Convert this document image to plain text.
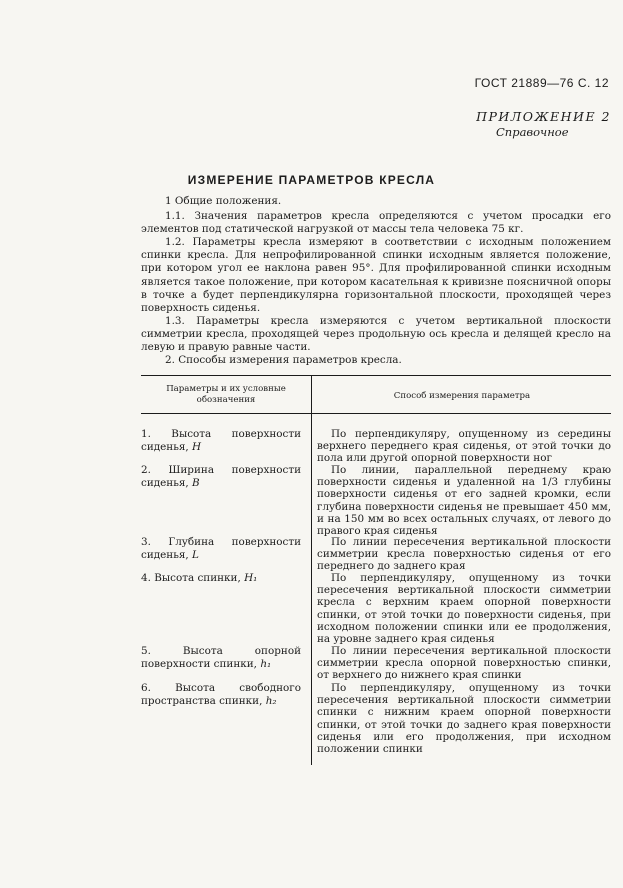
ГОСТ 21889—76 С. 12
ПРИЛОЖЕНИЕ 2
Справочное
ИЗМЕРЕНИЕ ПАРАМЕТРОВ КРЕСЛА

1 Общие положения.

1.1. Значения параметров кресла определяются с учетом просадки его элементов под статической нагрузкой от массы тела человека 75 кг.

1.2. Параметры кресла измеряют в соответствии с исходным положением спинки кресла. Для непрофилированной спинки исходным является положение, при котором угол ее наклона равен 95°. Для профилированной спинки исходным является такое положение, при котором касательная к кривизне поясничной опоры в точке a будет перпендикулярна горизонтальной плоскости, проходящей через поверхность сиденья.

1.3. Параметры кресла измеряются с учетом вертикальной плоскости симметрии кресла, проходящей через продольную ось кресла и делящей кресло на левую и правую равные части.

2. Способы измерения параметров кресла.

Параметры и их условные обозначения	Способ измерения параметра
1. Высота поверхности сиденья, H
По перпендикуляру, опущенному из середины верхнего переднего края сиденья, от этой точки до пола или другой опорной поверхности ног
2. Ширина поверхности сиденья, B
По линии, параллельной переднему краю поверхности сиденья и удаленной на 1/3 глубины поверхности сиденья от его задней кромки, если глубина поверхности сиденья не превышает 450 мм, и на 150 мм во всех остальных случаях, от левого до правого края сиденья
3. Глубина поверхности сиденья, L
По линии пересечения вертикальной плоскости симметрии кресла поверхностью сиденья от его переднего до заднего края
4. Высота спинки, H₁	По перпендикуляру, опущенному из точки пересечения вертикальной плоскости симметрии кресла с верхним краем опорной поверхности спинки, от этой точки до поверхности сиденья, при исходном положении спинки или ее продолжения, на уровне заднего края сиденья
5. Высота опорной поверхности спинки, h₁
По линии пересечения вертикальной плоскости симметрии кресла опорной поверхностью спинки, от верхнего до нижнего края спинки
6. Высота свободного пространства спинки, h₂
По перпендикуляру, опущенному из точки пересечения вертикальной плоскости симметрии спинки с нижним краем опорной поверхности спинки, от этой точки до заднего края поверхности сиденья или его продолжения, при исходном положении спинки
